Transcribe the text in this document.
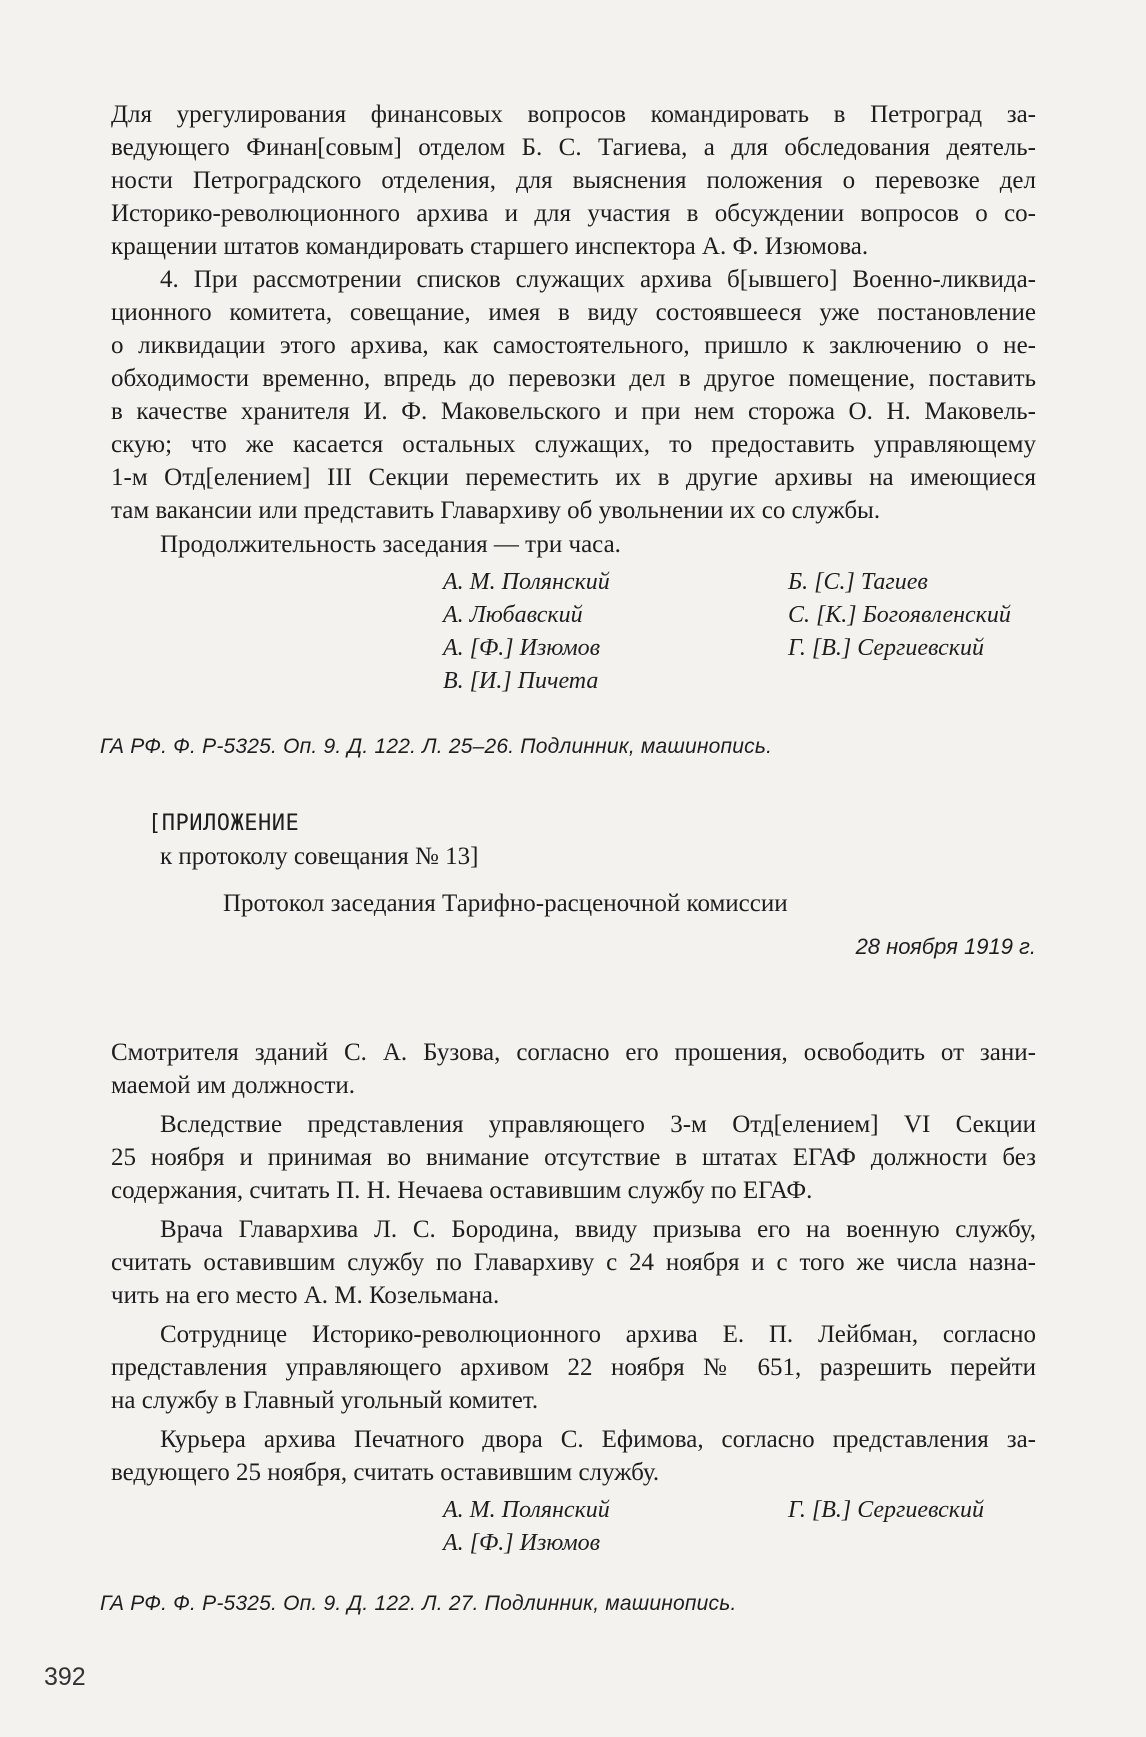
Для урегулирования финансовых вопросов командировать в Петроград за-
ведующего Финан[совым] отделом Б. С. Тагиева, а для обследования деятель-
ности Петроградского отделения, для выяснения положения о перевозке дел
Историко-революционного архива и для участия в обсуждении вопросов о со-
кращении штатов командировать старшего инспектора А. Ф. Изюмова.
4. При рассмотрении списков служащих архива б[ывшего] Военно-ликвида-
ционного комитета, совещание, имея в виду состоявшееся уже постановление
о ликвидации этого архива, как самостоятельного, пришло к заключению о не-
обходимости временно, впредь до перевозки дел в другое помещение, поставить
в качестве хранителя И. Ф. Маковельского и при нем сторожа О. Н. Маковель-
скую; что же касается остальных служащих, то предоставить управляющему
1-м Отд[елением] III Секции переместить их в другие архивы на имеющиеся
там вакансии или представить Главархиву об увольнении их со службы.
Продолжительность заседания — три часа.
А. М. Полянский
А. Любавский
А. [Ф.] Изюмов
В. [И.] Пичета
Б. [С.] Тагиев
С. [К.] Богоявленский
Г. [В.] Сергиевский
ГА РФ. Ф. Р-5325. Оп. 9. Д. 122. Л. 25–26. Подлинник, машинопись.
[ПРИЛОЖЕНИЕ
к протоколу совещания № 13]
Протокол заседания Тарифно-расценочной комиссии
28 ноября 1919 г.
Смотрителя зданий С. А. Бузова, согласно его прошения, освободить от зани-
маемой им должности.
Вследствие представления управляющего 3-м Отд[елением] VI Секции
25 ноября и принимая во внимание отсутствие в штатах ЕГАФ должности без
содержания, считать П. Н. Нечаева оставившим службу по ЕГАФ.
Врача Главархива Л. С. Бородина, ввиду призыва его на военную службу,
считать оставившим службу по Главархиву с 24 ноября и с того же числа назна-
чить на его место А. М. Козельмана.
Сотруднице Историко-революционного архива Е. П. Лейбман, согласно
представления управляющего архивом 22 ноября № 651, разрешить перейти
на службу в Главный угольный комитет.
Курьера архива Печатного двора С. Ефимова, согласно представления за-
ведующего 25 ноября, считать оставившим службу.
А. М. Полянский
А. [Ф.] Изюмов
Г. [В.] Сергиевский
ГА РФ. Ф. Р-5325. Оп. 9. Д. 122. Л. 27. Подлинник, машинопись.
392
